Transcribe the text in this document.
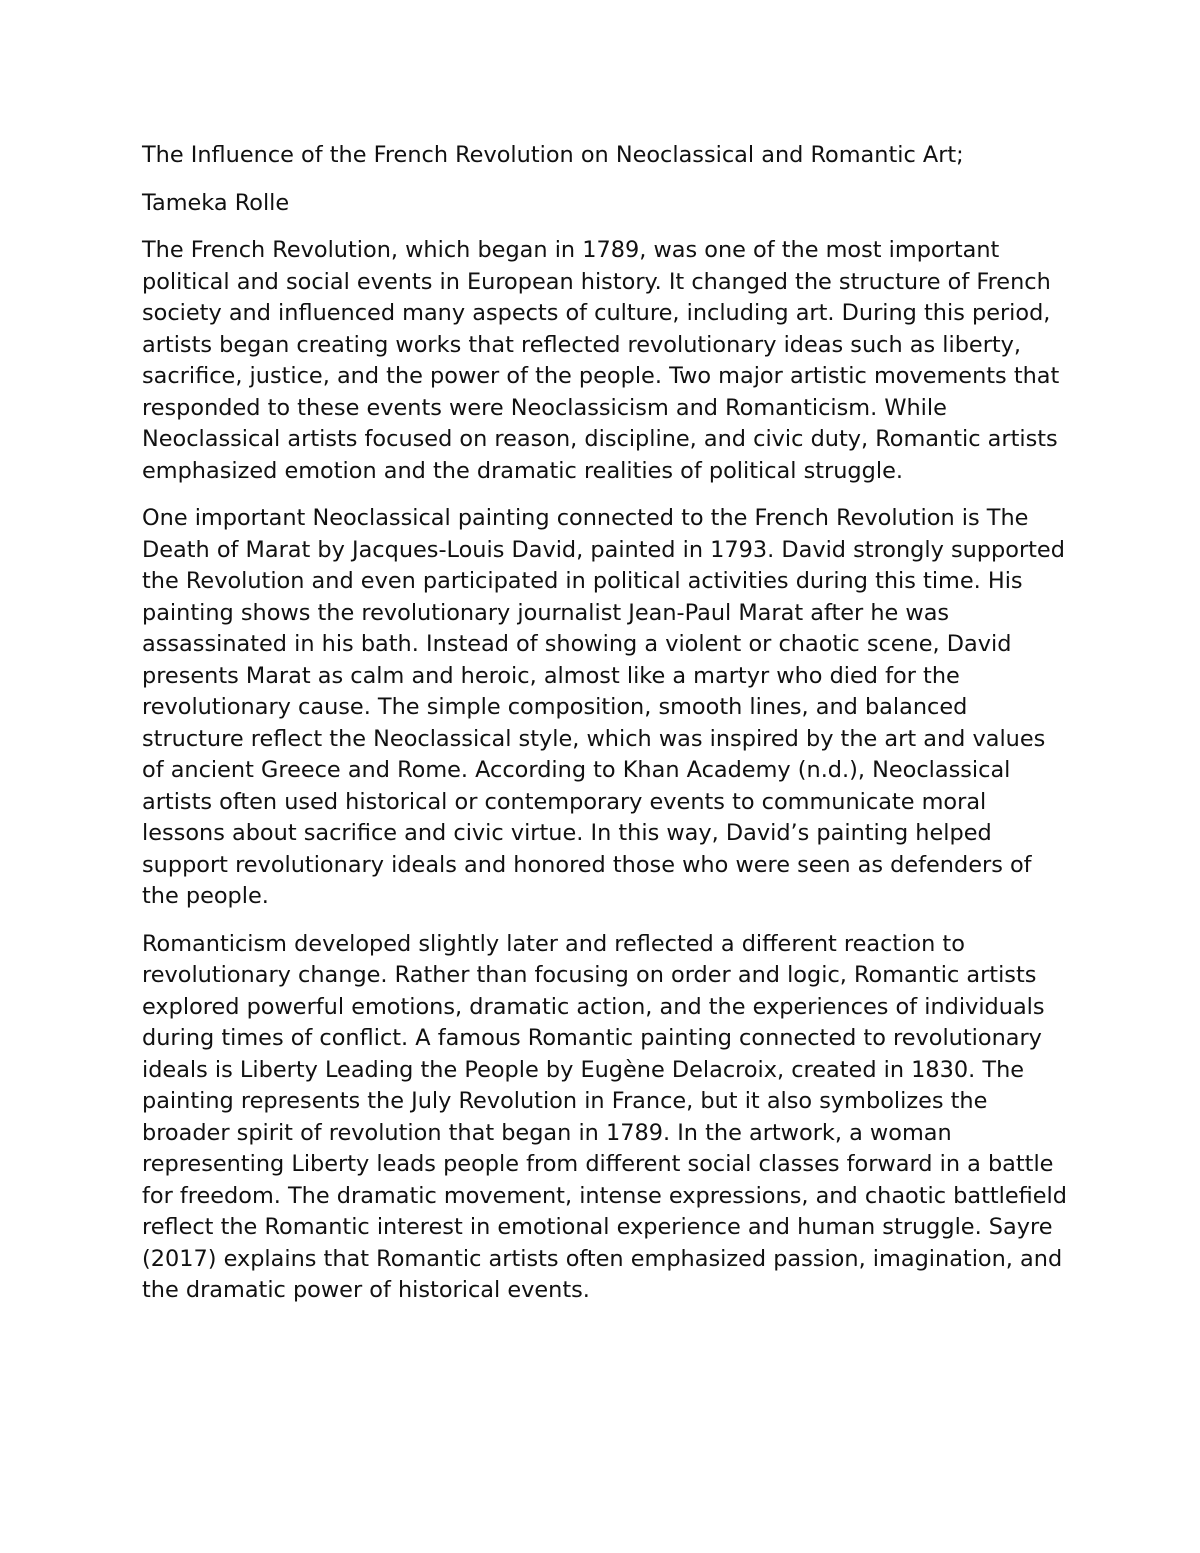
The Influence of the French Revolution on Neoclassical and Romantic Art;

Tameka Rolle

The French Revolution, which began in 1789, was one of the most important political and social events in European history. It changed the structure of French society and influenced many aspects of culture, including art. During this period, artists began creating works that reflected revolutionary ideas such as liberty, sacrifice, justice, and the power of the people. Two major artistic movements that responded to these events were Neoclassicism and Romanticism. While Neoclassical artists focused on reason, discipline, and civic duty, Romantic artists emphasized emotion and the dramatic realities of political struggle.

One important Neoclassical painting connected to the French Revolution is The Death of Marat by Jacques-Louis David, painted in 1793. David strongly supported the Revolution and even participated in political activities during this time. His painting shows the revolutionary journalist Jean-Paul Marat after he was assassinated in his bath. Instead of showing a violent or chaotic scene, David presents Marat as calm and heroic, almost like a martyr who died for the revolutionary cause. The simple composition, smooth lines, and balanced structure reflect the Neoclassical style, which was inspired by the art and values of ancient Greece and Rome. According to Khan Academy (n.d.), Neoclassical artists often used historical or contemporary events to communicate moral lessons about sacrifice and civic virtue. In this way, David’s painting helped support revolutionary ideals and honored those who were seen as defenders of the people.

Romanticism developed slightly later and reflected a different reaction to revolutionary change. Rather than focusing on order and logic, Romantic artists explored powerful emotions, dramatic action, and the experiences of individuals during times of conflict. A famous Romantic painting connected to revolutionary ideals is Liberty Leading the People by Eugène Delacroix, created in 1830. The painting represents the July Revolution in France, but it also symbolizes the broader spirit of revolution that began in 1789. In the artwork, a woman representing Liberty leads people from different social classes forward in a battle for freedom. The dramatic movement, intense expressions, and chaotic battlefield reflect the Romantic interest in emotional experience and human struggle. Sayre (2017) explains that Romantic artists often emphasized passion, imagination, and the dramatic power of historical events.
